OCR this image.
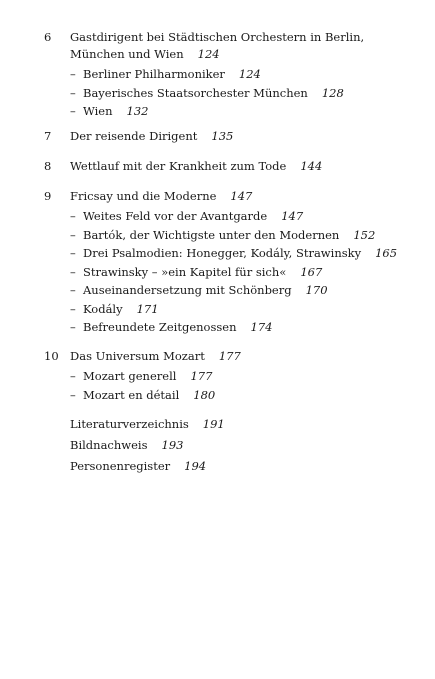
6 Gastdirigent bei Städtischen Orchestern in Berlin,
München und Wien 124
– Berliner Philharmoniker 124
– Bayerisches Staatsorchester München 128
– Wien 132
7 Der reisende Dirigent 135
8 Wettlauf mit der Krankheit zum Tode 144
9 Fricsay und die Moderne 147
– Weites Feld vor der Avantgarde 147
– Bartók, der Wichtigste unter den Modernen 152
– Drei Psalmodien: Honegger, Kodály, Strawinsky 165
– Strawinsky – »ein Kapitel für sich« 167
– Auseinandersetzung mit Schönberg 170
– Kodály 171
– Befreundete Zeitgenossen 174
10 Das Universum Mozart 177
– Mozart generell 177
– Mozart en détail 180
Literaturverzeichnis 191
Bildnachweis 193
Personenregister 194
